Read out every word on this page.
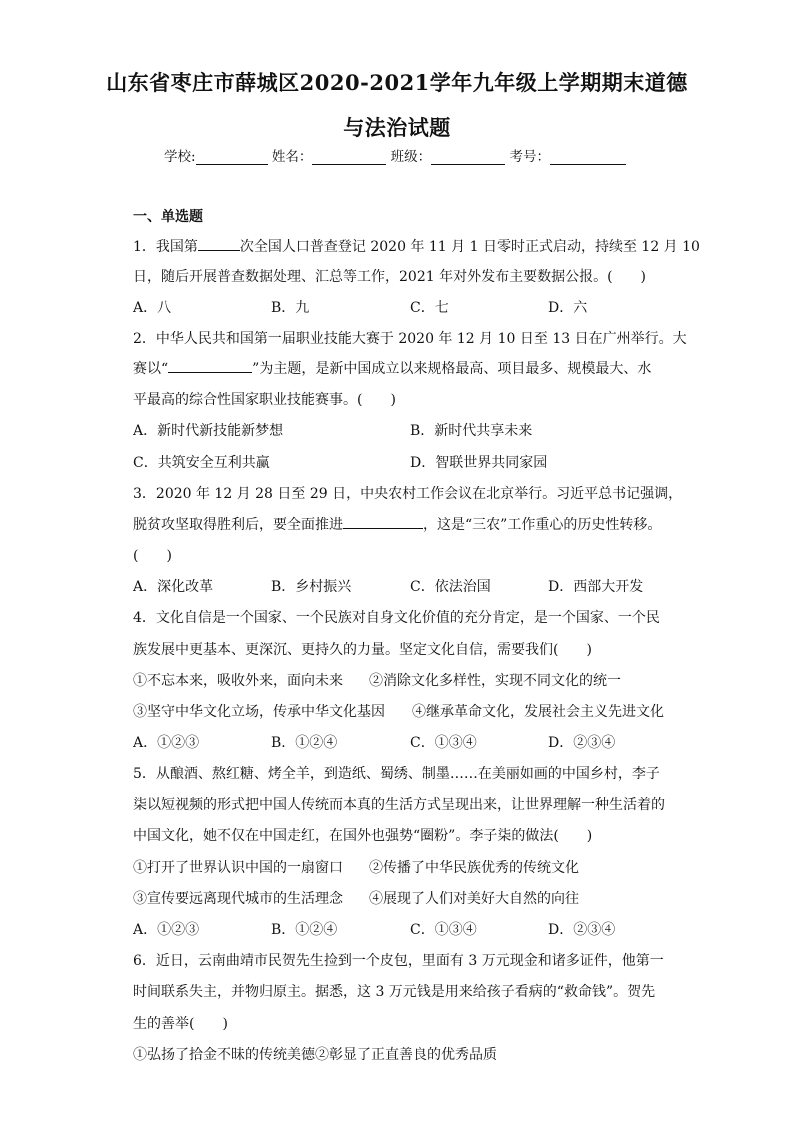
山东省枣庄市薛城区2020-2021学年九年级上学期期末道德
与法治试题
学校:	姓名：	班级：	考号：
一、单选题
1．我国第	次全国人口普查登记 2020 年 11 月 1 日零时正式启动，持续至 12 月 10
日，随后开展普查数据处理、汇总等工作，2021 年对外发布主要数据公报。(　　)
A．八	B．九	C．七	D．六
2．中华人民共和国第一届职业技能大赛于 2020 年 12 月 10 日至 13 日在广州举行。大
赛以“	”为主题，是新中国成立以来规格最高、项目最多、规模最大、水
平最高的综合性国家职业技能赛事。(　　)
A．新时代新技能新梦想	B．新时代共享未来
C．共筑安全互利共赢	D．智联世界共同家园
3．2020 年 12 月 28 日至 29 日，中央农村工作会议在北京举行。习近平总书记强调，
脱贫攻坚取得胜利后，要全面推进	，这是“三农”工作重心的历史性转移。
(　　)
A．深化改革	B．乡村振兴	C．依法治国	D．西部大开发
4．文化自信是一个国家、一个民族对自身文化价值的充分肯定，是一个国家、一个民
族发展中更基本、更深沉、更持久的力量。坚定文化自信，需要我们(　　)
①不忘本来，吸收外来，面向未来 ②消除文化多样性，实现不同文化的统一
③坚守中华文化立场，传承中华文化基因 ④继承革命文化，发展社会主义先进文化
A．①②③	B．①②④	C．①③④	D．②③④
5．从酿酒、熬红糖、烤全羊，到造纸、蜀绣、制墨……在美丽如画的中国乡村，李子
柒以短视频的形式把中国人传统而本真的生活方式呈现出来，让世界理解一种生活着的
中国文化，她不仅在中国走红，在国外也强势“圈粉”。李子柒的做法(　　)
①打开了世界认识中国的一扇窗口 ②传播了中华民族优秀的传统文化
③宣传要远离现代城市的生活理念 ④展现了人们对美好大自然的向往
A．①②③	B．①②④	C．①③④	D．②③④
6．近日，云南曲靖市民贺先生捡到一个皮包，里面有 3 万元现金和诸多证件，他第一
时间联系失主，并物归原主。据悉，这 3 万元钱是用来给孩子看病的“救命钱”。贺先
生的善举(　　)
①弘扬了拾金不昧的传统美德②彰显了正直善良的优秀品质
